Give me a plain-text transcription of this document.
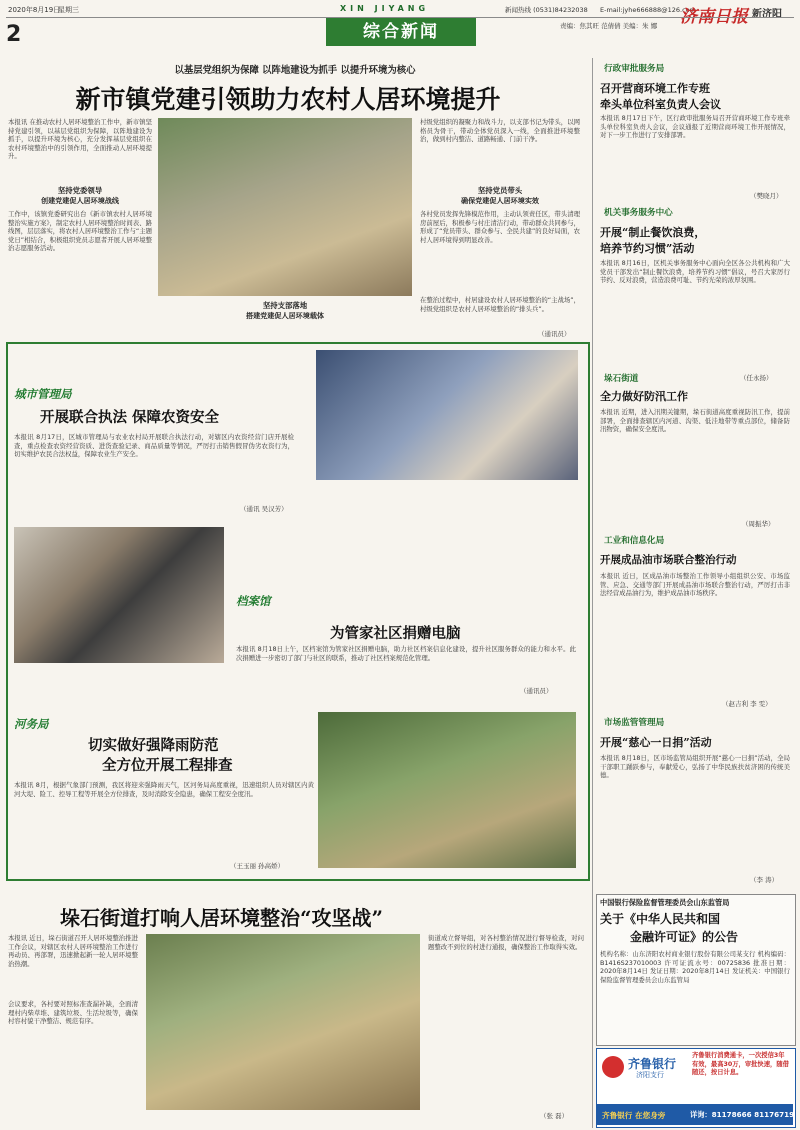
2020年8月19日
星期三	XIN JIYANG	新闻热线 (0531)84232038 E-mail:jyhe666888@126.com
济南日报 新济阳
2	综合新闻	责编：焦其旺 范倩倩 美编：朱 娜
以基层党组织为保障 以阵地建设为抓手 以提升环境为核心
新市镇党建引领助力农村人居环境提升
本报讯 在推动农村人居环境整治工作中，新市镇坚持党建引领，以基层党组织为保障，以阵地建设为抓手，以提升环境为核心，充分发挥基层党组织在农村环境整治中的引领作用，全面推动人居环境提升。
坚持党委领导
创建党建促人居环境战线
工作中，该镇党委研究出台《新市镇农村人居环境整治实施方案》，制定农村人居环境整治时间表、路线图，层层落实，将农村人居环境整治工作与“主题党日”相结合，积极组织党员志愿者开展人居环境整治志愿服务活动。
坚持支部落地
搭建党建促人居环境载体
村级党组织的凝聚力和战斗力，以支部书记为带头，以网格员为骨干，带动全体党员深入一线，全面推进环境整治，做到村内整洁、道路畅通、门前干净。
坚持党员带头
确保党建促人居环境实效
各村党员发挥先锋模范作用，主动认领责任区，带头清理房前屋后，积极参与村庄清洁行动，带动群众共同参与，形成了“党员带头、群众参与、全民共建”的良好局面，农村人居环境得到明显改善。
在整治过程中，村居建设农村人居环境整治的“主战场”，村级党组织是农村人居环境整治的“排头兵”。
（通讯员）
城市管理局
开展联合执法 保障农资安全
本报讯 8月17日，区城市管理局与农业农村局开展联合执法行动，对辖区内农资经营门店开展检查，重点检查农资经营资质、进货查验记录、商品质量等情况，严厉打击销售假冒伪劣农资行为，切实维护农民合法权益，保障农业生产安全。
（通讯 吴汉芳）
档案馆
为管家社区捐赠电脑
本报讯 8月18日上午，区档案馆为管家社区捐赠电脑，助力社区档案信息化建设，提升社区服务群众的能力和水平。此次捐赠进一步密切了部门与社区的联系，推动了社区档案规范化管理。
（通讯员）
河务局
切实做好强降雨防范
全方位开展工程排查
本报讯 8月，根据气象部门预测，我区将迎来强降雨天气，区河务局高度重视，迅速组织人员对辖区内黄河大堤、险工、控导工程等开展全方位排查，及时消除安全隐患，确保工程安全度汛。
（王玉丽 孙高娇）
垛石街道打响人居环境整治“攻坚战”
本报讯 近日，垛石街道召开人居环境整治推进工作会议，对辖区农村人居环境整治工作进行再动员、再部署，迅速掀起新一轮人居环境整治热潮。
会议要求，各村要对照标准查漏补缺，全面清理村内柴草堆、建筑垃圾、生活垃圾等，确保村容村貌干净整洁、规范有序。
街道成立督导组，对各村整治情况进行督导检查，对问题整改不到位的村进行通报，确保整治工作取得实效。
（张 磊）
行政审批服务局
召开营商环境工作专班
牵头单位科室负责人会议
本报讯 8月17日下午，区行政审批服务局召开营商环境工作专班牵头单位科室负责人会议，会议通报了近期营商环境工作开展情况，对下一步工作进行了安排部署。
（樊晓月）
机关事务服务中心
开展“制止餐饮浪费，
培养节约习惯”活动
本报讯 8月16日，区机关事务服务中心面向全区各公共机构和广大党员干部发出“制止餐饮浪费，培养节约习惯”倡议，号召大家厉行节约、反对浪费，营造浪费可耻、节约光荣的浓厚氛围。
（任永扬）
垛石街道
全力做好防汛工作
本报讯 近期，进入汛期关键期，垛石街道高度重视防汛工作，提前部署，全面排查辖区内河道、沟渠、低洼地带等重点部位，储备防汛物资，确保安全度汛。
（周振华）
工业和信息化局
开展成品油市场联合整治行动
本报讯 近日，区成品油市场整治工作领导小组组织公安、市场监管、应急、交通等部门开展成品油市场联合整治行动，严厉打击非法经营成品油行为，维护成品油市场秩序。
（赵吉利 李 雯）
市场监管管理局
开展“慈心一日捐”活动
本报讯 8月18日，区市场监管局组织开展“慈心一日捐”活动，全局干部职工踊跃参与，奉献爱心，弘扬了中华民族扶贫济困的传统美德。
（李 涛）
中国银行保险监督管理委员会山东监管局
关于《中华人民共和国
金融许可证》的公告
机构名称：山东济阳农村商业银行股份有限公司某支行 机构编码：B1416S237010003 许可证流水号：00725836 批准日期：2020年8月14日 发证日期：2020年8月14日 发证机关：中国银行保险监督管理委员会山东监管局
齐鲁银行
济阳支行
齐鲁银行消费通卡，一次授信3年有效，最高30万，审批快速，随借随还，按日计息。
齐鲁银行 在您身旁	详询：81178666 81176719
